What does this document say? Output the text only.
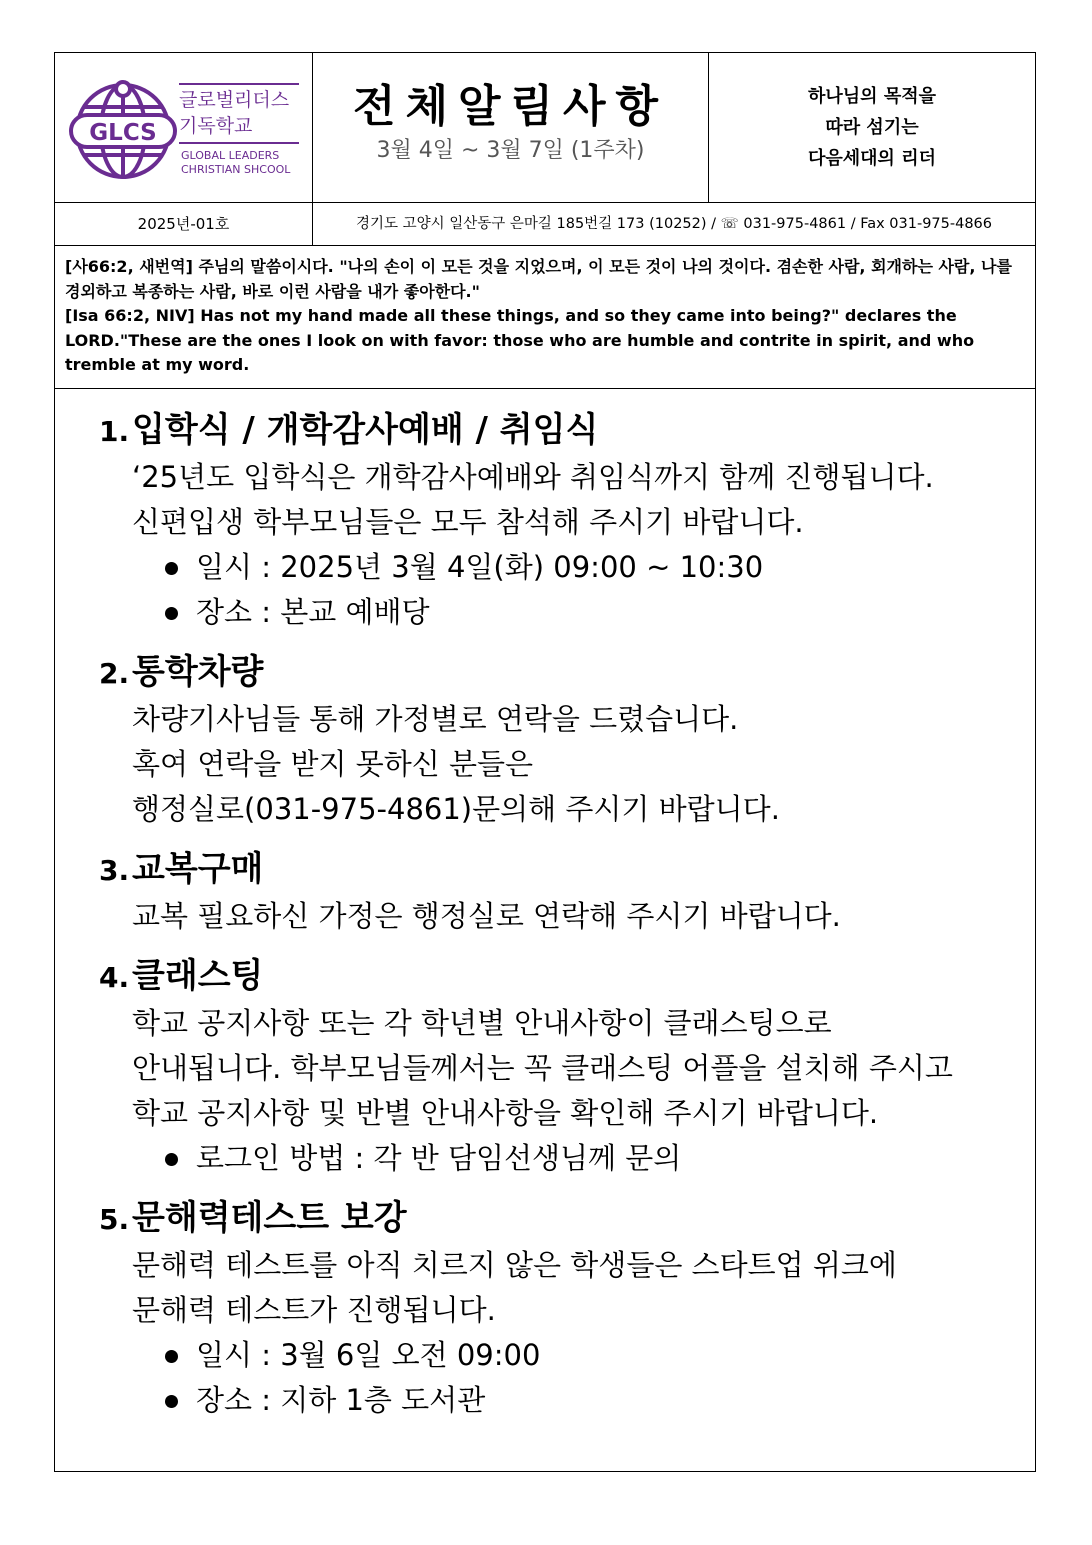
GLCS
글로벌리더스
기독학교
GLOBAL LEADERS
CHRISTIAN SHCOOL
전체알림사항
3월 4일 ~ 3월 7일 (1주차)
하나님의 목적을
따라 섬기는
다음세대의 리더
2025년-01호	경기도 고양시 일산동구 은마길 185번길 173 (10252) / ☏ 031-975-4861 / Fax 031-975-4866
[사66:2, 새번역] 주님의 말씀이시다. "나의 손이 이 모든 것을 지었으며, 이 모든 것이 나의 것이다. 겸손한 사람, 회개하는 사람, 나를 경외하고 복종하는 사람, 바로 이런 사람을 내가 좋아한다."
[Isa 66:2, NIV] Has not my hand made all these things, and so they came into being?" declares the LORD."These are the ones I look on with favor: those who are humble and contrite in spirit, and who tremble at my word.
1.입학식 / 개학감사예배 / 취임식
‘25년도 입학식은 개학감사예배와 취임식까지 함께 진행됩니다.
신편입생 학부모님들은 모두 참석해 주시기 바랍니다.
일시 : 2025년 3월 4일(화) 09:00 ~ 10:30
장소 : 본교 예배당
2.통학차량
차량기사님들 통해 가정별로 연락을 드렸습니다.
혹여 연락을 받지 못하신 분들은
행정실로(031-975-4861)문의해 주시기 바랍니다.
3.교복구매
교복 필요하신 가정은 행정실로 연락해 주시기 바랍니다.
4.클래스팅
학교 공지사항 또는 각 학년별 안내사항이 클래스팅으로
안내됩니다. 학부모님들께서는 꼭 클래스팅 어플을 설치해 주시고
학교 공지사항 및 반별 안내사항을 확인해 주시기 바랍니다.
로그인 방법 : 각 반 담임선생님께 문의
5.문해력테스트 보강
문해력 테스트를 아직 치르지 않은 학생들은 스타트업 위크에
문해력 테스트가 진행됩니다.
일시 : 3월 6일 오전 09:00
장소 : 지하 1층 도서관
